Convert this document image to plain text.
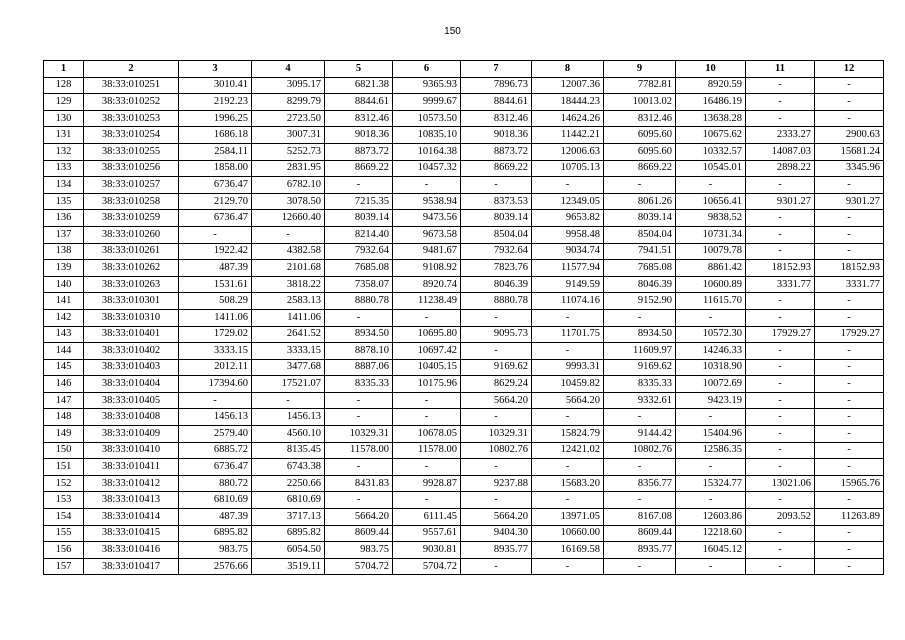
150
1	2	3	4	5	6	7	8	9	10	11	12
128	38:33:010251	3010.41	3095.17	6821.38	9365.93	7896.73	12007.36	7782.81	8920.59	-	-
129	38:33:010252	2192.23	8299.79	8844.61	9999.67	8844.61	18444.23	10013.02	16486.19	-	-
130	38:33:010253	1996.25	2723.50	8312.46	10573.50	8312.46	14624.26	8312.46	13638.28	-	-
131	38:33:010254	1686.18	3007.31	9018.36	10835.10	9018.36	11442.21	6095.60	10675.62	2333.27	2900.63
132	38:33:010255	2584.11	5252.73	8873.72	10164.38	8873.72	12006.63	6095.60	10332.57	14087.03	15681.24
133	38:33:010256	1858.00	2831.95	8669.22	10457.32	8669.22	10705.13	8669.22	10545.01	2898.22	3345.96
134	38:33:010257	6736.47	6782.10	-	-	-	-	-	-	-	-
135	38:33:010258	2129.70	3078.50	7215.35	9538.94	8373.53	12349.05	8061.26	10656.41	9301.27	9301.27
136	38:33:010259	6736.47	12660.40	8039.14	9473.56	8039.14	9653.82	8039.14	9838.52	-	-
137	38:33:010260	-	-	8214.40	9673.58	8504.04	9958.48	8504.04	10731.34	-	-
138	38:33:010261	1922.42	4382.58	7932.64	9481.67	7932.64	9034.74	7941.51	10079.78	-	-
139	38:33:010262	487.39	2101.68	7685.08	9108.92	7823.76	11577.94	7685.08	8861.42	18152.93	18152.93
140	38:33:010263	1531.61	3818.22	7358.07	8920.74	8046.39	9149.59	8046.39	10600.89	3331.77	3331.77
141	38:33:010301	508.29	2583.13	8880.78	11238.49	8880.78	11074.16	9152.90	11615.70	-	-
142	38:33:010310	1411.06	1411.06	-	-	-	-	-	-	-	-
143	38:33:010401	1729.02	2641.52	8934.50	10695.80	9095.73	11701.75	8934.50	10572.30	17929.27	17929.27
144	38:33:010402	3333.15	3333.15	8878.10	10697.42	-	-	11609.97	14246.33	-	-
145	38:33:010403	2012.11	3477.68	8887.06	10405.15	9169.62	9993.31	9169.62	10318.90	-	-
146	38:33:010404	17394.60	17521.07	8335.33	10175.96	8629.24	10459.82	8335.33	10072.69	-	-
147	38:33:010405	-	-	-	-	5664.20	5664.20	9332.61	9423.19	-	-
148	38:33:010408	1456.13	1456.13	-	-	-	-	-	-	-	-
149	38:33:010409	2579.40	4560.10	10329.31	10678.05	10329.31	15824.79	9144.42	15404.96	-	-
150	38:33:010410	6885.72	8135.45	11578.00	11578.00	10802.76	12421.02	10802.76	12586.35	-	-
151	38:33:010411	6736.47	6743.38	-	-	-	-	-	-	-	-
152	38:33:010412	880.72	2250.66	8431.83	9928.87	9237.88	15683.20	8356.77	15324.77	13021.06	15965.76
153	38:33:010413	6810.69	6810.69	-	-	-	-	-	-	-	-
154	38:33:010414	487.39	3717.13	5664.20	6111.45	5664.20	13971.05	8167.08	12603.86	2093.52	11263.89
155	38:33:010415	6895.82	6895.82	8609.44	9557.61	9404.30	10660.00	8609.44	12218.60	-	-
156	38:33:010416	983.75	6054.50	983.75	9030.81	8935.77	16169.58	8935.77	16045.12	-	-
157	38:33:010417	2576.66	3519.11	5704.72	5704.72	-	-	-	-	-	-
